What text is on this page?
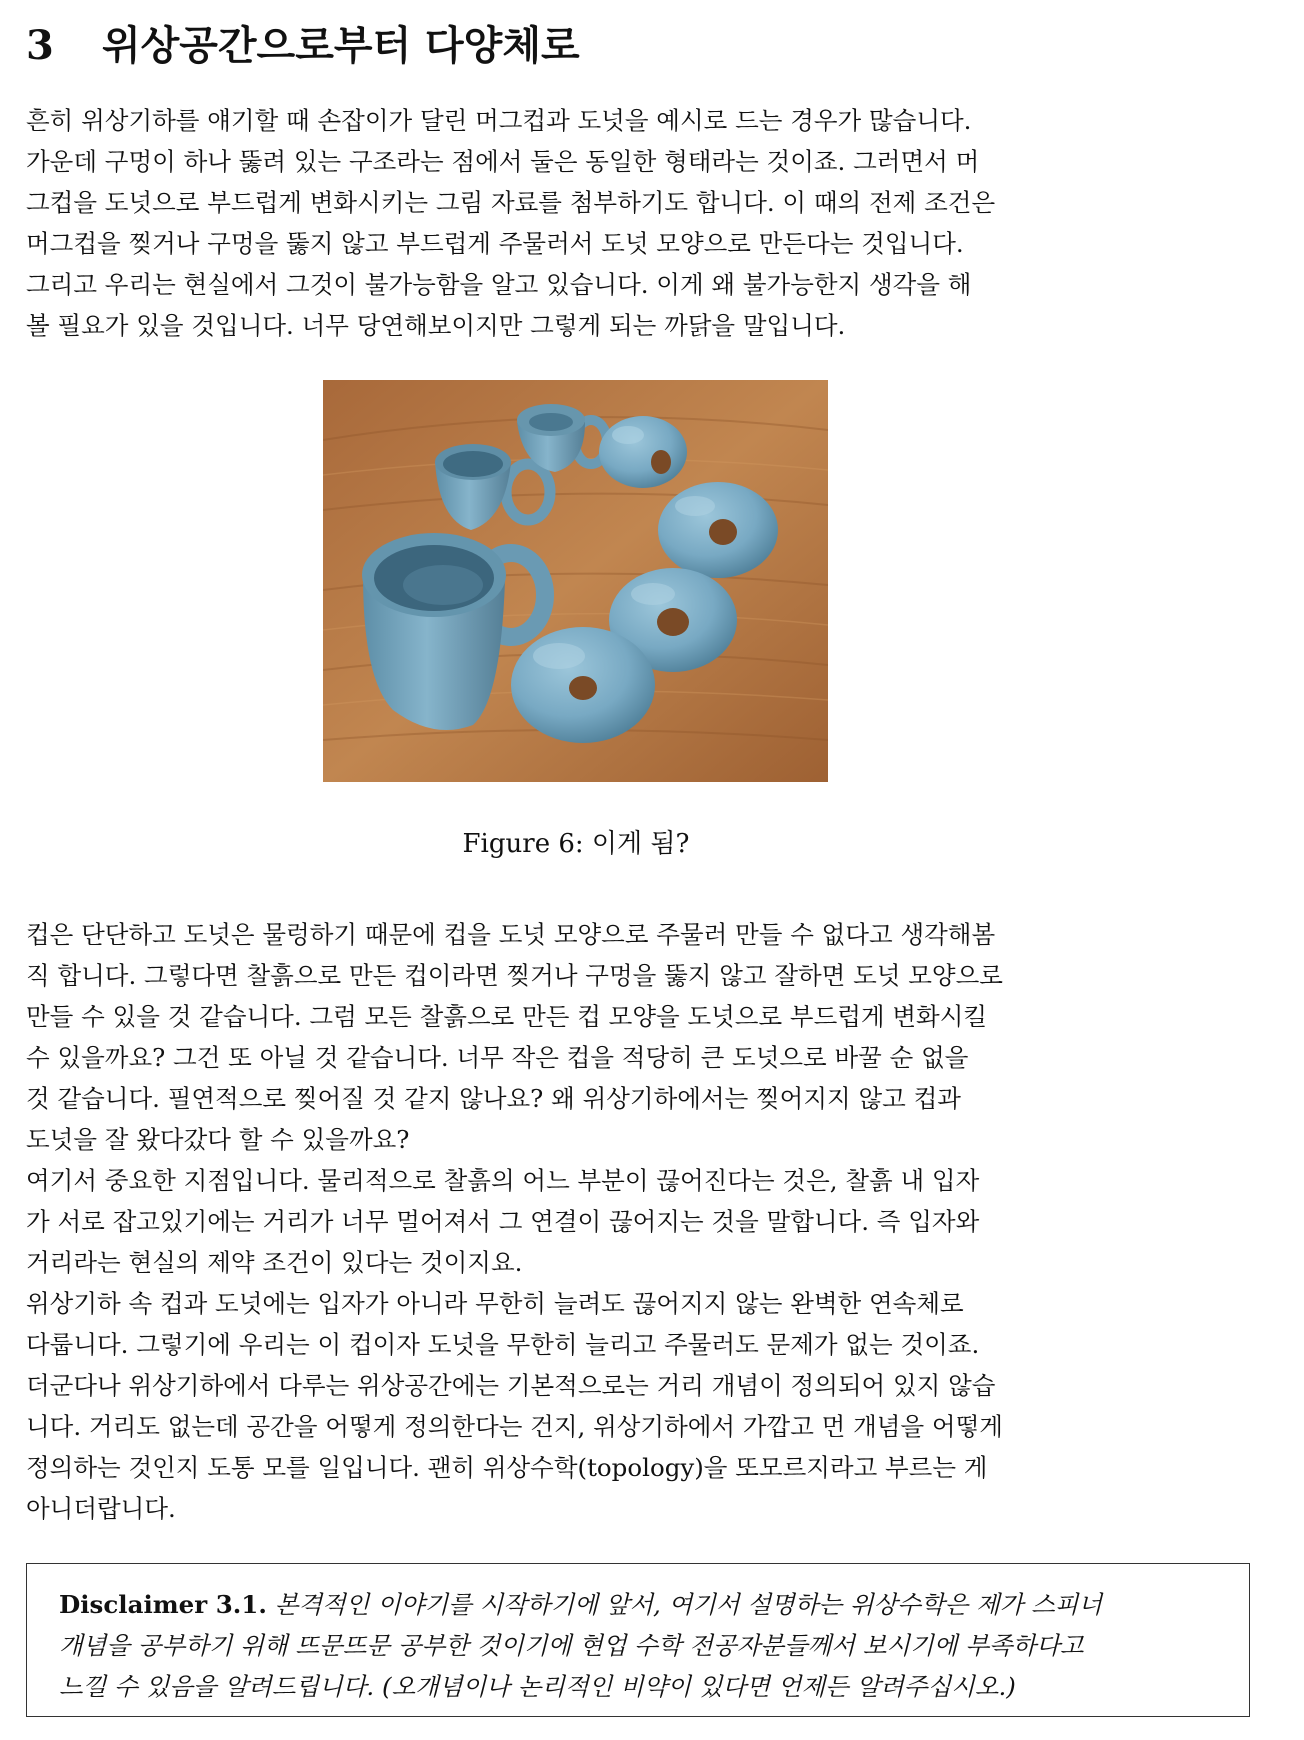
3 위상공간으로부터 다양체로

흔히 위상기하를 얘기할 때 손잡이가 달린 머그컵과 도넛을 예시로 드는 경우가 많습니다.
가운데 구멍이 하나 뚫려 있는 구조라는 점에서 둘은 동일한 형태라는 것이죠. 그러면서 머
그컵을 도넛으로 부드럽게 변화시키는 그림 자료를 첨부하기도 합니다. 이 때의 전제 조건은
머그컵을 찢거나 구멍을 뚫지 않고 부드럽게 주물러서 도넛 모양으로 만든다는 것입니다.
그리고 우리는 현실에서 그것이 불가능함을 알고 있습니다. 이게 왜 불가능한지 생각을 해
볼 필요가 있을 것입니다. 너무 당연해보이지만 그렇게 되는 까닭을 말입니다.

Figure 6: 이게 됨?

컵은 단단하고 도넛은 물렁하기 때문에 컵을 도넛 모양으로 주물러 만들 수 없다고 생각해봄
직 합니다. 그렇다면 찰흙으로 만든 컵이라면 찢거나 구멍을 뚫지 않고 잘하면 도넛 모양으로
만들 수 있을 것 같습니다. 그럼 모든 찰흙으로 만든 컵 모양을 도넛으로 부드럽게 변화시킬
수 있을까요? 그건 또 아닐 것 같습니다. 너무 작은 컵을 적당히 큰 도넛으로 바꿀 순 없을
것 같습니다. 필연적으로 찢어질 것 같지 않나요? 왜 위상기하에서는 찢어지지 않고 컵과
도넛을 잘 왔다갔다 할 수 있을까요?
여기서 중요한 지점입니다. 물리적으로 찰흙의 어느 부분이 끊어진다는 것은, 찰흙 내 입자
가 서로 잡고있기에는 거리가 너무 멀어져서 그 연결이 끊어지는 것을 말합니다. 즉 입자와
거리라는 현실의 제약 조건이 있다는 것이지요.
위상기하 속 컵과 도넛에는 입자가 아니라 무한히 늘려도 끊어지지 않는 완벽한 연속체로
다룹니다. 그렇기에 우리는 이 컵이자 도넛을 무한히 늘리고 주물러도 문제가 없는 것이죠.
더군다나 위상기하에서 다루는 위상공간에는 기본적으로는 거리 개념이 정의되어 있지 않습
니다. 거리도 없는데 공간을 어떻게 정의한다는 건지, 위상기하에서 가깝고 먼 개념을 어떻게
정의하는 것인지 도통 모를 일입니다. 괜히 위상수학(topology)을 또모르지라고 부르는 게
아니더랍니다.

Disclaimer 3.1. 본격적인 이야기를 시작하기에 앞서, 여기서 설명하는 위상수학은 제가 스피너
개념을 공부하기 위해 뜨문뜨문 공부한 것이기에 현업 수학 전공자분들께서 보시기에 부족하다고
느낄 수 있음을 알려드립니다. (오개념이나 논리적인 비약이 있다면 언제든 알려주십시오.)
